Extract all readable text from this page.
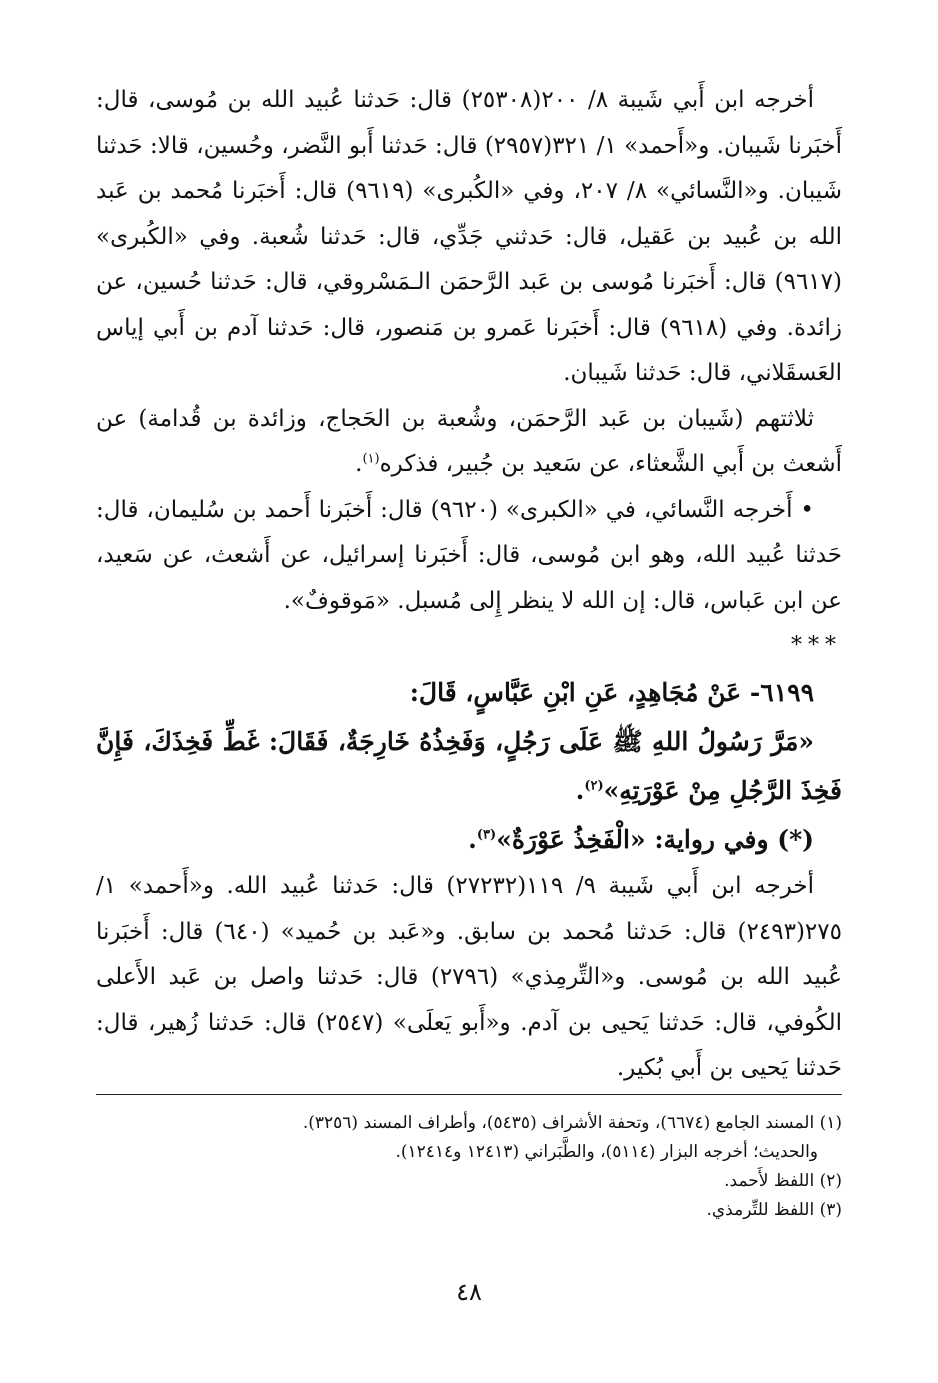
أخرجه ابن أَبي شَيبة ٨/ ٢٠٠(٢٥٣٠٨) قال: حَدثنا عُبيد الله بن مُوسى، قال: أَخبَرنا شَيبان. و«أَحمد» ١/ ٣٢١(٢٩٥٧) قال: حَدثنا أَبو النَّضر، وحُسين، قالا: حَدثنا شَيبان. و«النَّسائي» ٨/ ٢٠٧، وفي «الكُبرى» (٩٦١٩) قال: أَخبَرنا مُحمد بن عَبد الله بن عُبيد بن عَقيل، قال: حَدثني جَدِّي، قال: حَدثنا شُعبة. وفي «الكُبرى» (٩٦١٧) قال: أَخبَرنا مُوسى بن عَبد الرَّحمَن الـمَسْروقي، قال: حَدثنا حُسين، عن زائدة. وفي (٩٦١٨) قال: أَخبَرنا عَمرو بن مَنصور، قال: حَدثنا آدم بن أَبي إياس العَسقَلاني، قال: حَدثنا شَيبان.

ثلاثتهم (شَيبان بن عَبد الرَّحمَن، وشُعبة بن الحَجاج، وزائدة بن قُدامة) عن أَشعث بن أَبي الشَّعثاء، عن سَعيد بن جُبير، فذكره$^{(١)}$.

• أَخرجه النَّسائي، في «الكبرى» (٩٦٢٠) قال: أَخبَرنا أَحمد بن سُليمان، قال: حَدثنا عُبيد الله، وهو ابن مُوسى، قال: أَخبَرنا إسرائيل، عن أَشعث، عن سَعيد، عن ابن عَباس، قال: إن الله لا ينظر إِلى مُسبل. «مَوقوفٌ».

***

٦١٩٩- عَنْ مُجَاهِدٍ، عَنِ ابْنِ عَبَّاسٍ، قَالَ:

«مَرَّ رَسُولُ اللهِ ﷺ عَلَى رَجُلٍ، وَفَخِذُهُ خَارِجَةٌ، فَقَالَ: غَطِّ فَخِذَكَ، فَإِنَّ فَخِذَ الرَّجُلِ مِنْ عَوْرَتِهِ»$^{(٢)}$.

(*) وفي رواية: «الْفَخِذُ عَوْرَةٌ»$^{(٣)}$.

أخرجه ابن أَبي شَيبة ٩/ ١١٩(٢٧٢٣٢) قال: حَدثنا عُبيد الله. و«أَحمد» ١/ ٢٧٥(٢٤٩٣) قال: حَدثنا مُحمد بن سابق. و«عَبد بن حُميد» (٦٤٠) قال: أَخبَرنا عُبيد الله بن مُوسى. و«التِّرمِذي» (٢٧٩٦) قال: حَدثنا واصل بن عَبد الأَعلى الكُوفي، قال: حَدثنا يَحيى بن آدم. و«أَبو يَعلَى» (٢٥٤٧) قال: حَدثنا زُهير، قال: حَدثنا يَحيى بن أَبي بُكير.

(١) المسند الجامع (٦٦٧٤)، وتحفة الأشراف (٥٤٣٥)، وأطراف المسند (٣٢٥٦).

والحديث؛ أخرجه البزار (٥١١٤)، والطَّبَراني (١٢٤١٣ و١٢٤١٤).

(٢) اللفظ لأَحمد.

(٣) اللفظ للتِّرمذي.

٤٨
